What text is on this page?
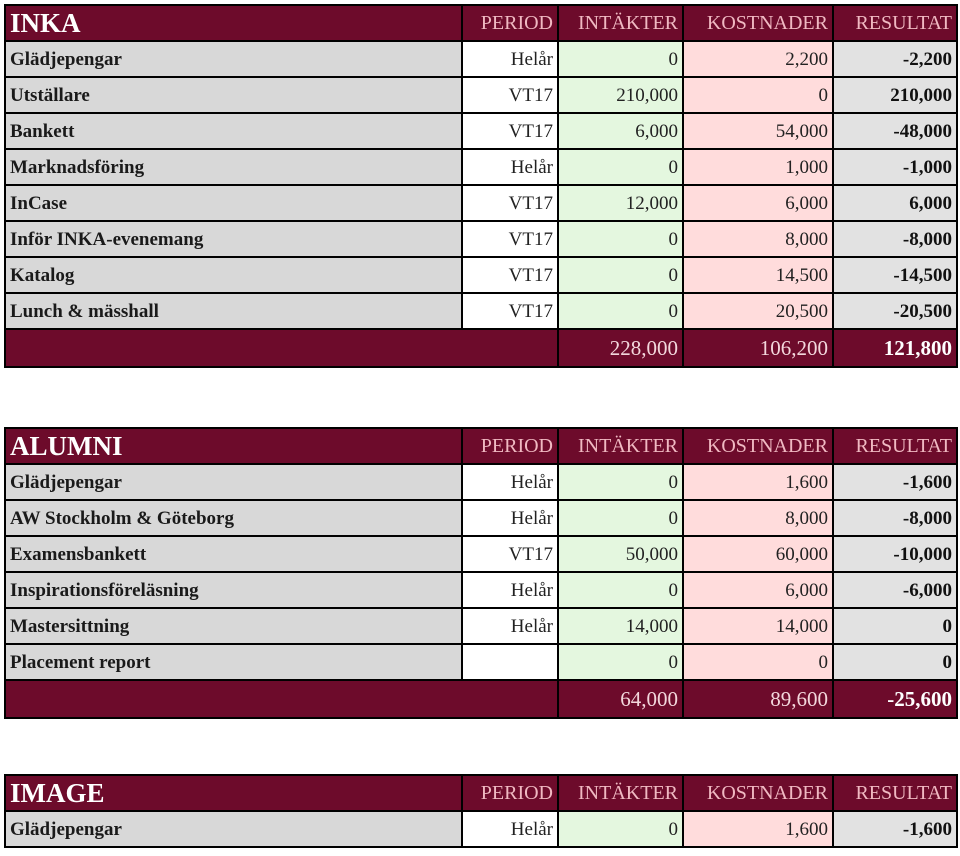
INKA	PERIOD	INTÄKTER	KOSTNADER	RESULTAT
Glädjepengar	Helår	0	2,200	-2,200
Utställare	VT17	210,000	0	210,000
Bankett	VT17	6,000	54,000	-48,000
Marknadsföring	Helår	0	1,000	-1,000
InCase	VT17	12,000	6,000	6,000
Inför INKA-evenemang	VT17	0	8,000	-8,000
Katalog	VT17	0	14,500	-14,500
Lunch & mässhall	VT17	0	20,500	-20,500
		228,000	106,200	121,800
ALUMNI	PERIOD	INTÄKTER	KOSTNADER	RESULTAT
Glädjepengar	Helår	0	1,600	-1,600
AW Stockholm & Göteborg	Helår	0	8,000	-8,000
Examensbankett	VT17	50,000	60,000	-10,000
Inspirationsföreläsning	Helår	0	6,000	-6,000
Mastersittning	Helår	14,000	14,000	0
Placement report		0	0	0
		64,000	89,600	-25,600
IMAGE	PERIOD	INTÄKTER	KOSTNADER	RESULTAT
Glädjepengar	Helår	0	1,600	-1,600
